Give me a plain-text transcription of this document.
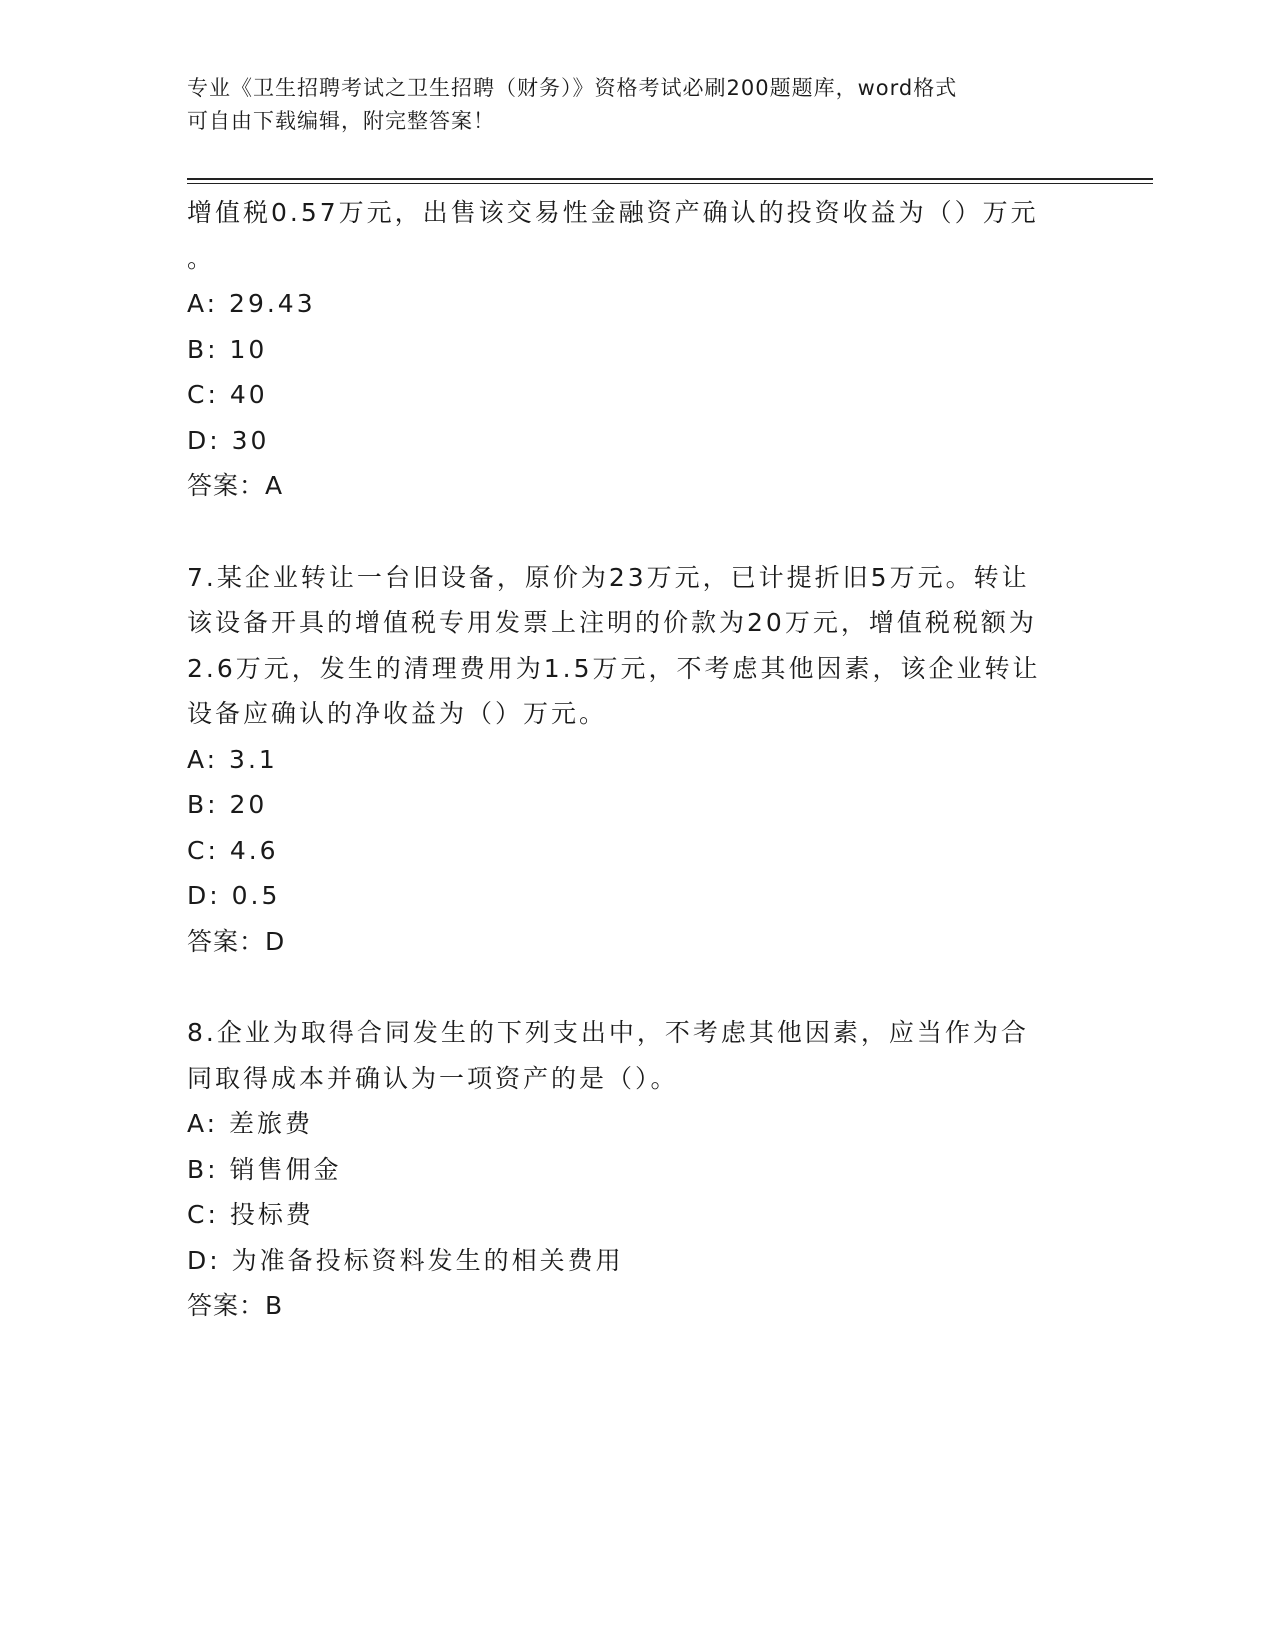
专业《卫生招聘考试之卫生招聘（财务）》资格考试必刷200题题库，word格式
可自由下载编辑，附完整答案！
增值税0.57万元，出售该交易性金融资产确认的投资收益为（）万元
。
A: 29.43
B: 10
C: 40
D: 30
答案：A
7.某企业转让一台旧设备，原价为23万元，已计提折旧5万元。转让
该设备开具的增值税专用发票上注明的价款为20万元，增值税税额为
2.6万元，发生的清理费用为1.5万元，不考虑其他因素，该企业转让
设备应确认的净收益为（）万元。
A: 3.1
B: 20
C: 4.6
D: 0.5
答案：D
8.企业为取得合同发生的下列支出中，不考虑其他因素，应当作为合
同取得成本并确认为一项资产的是（）。
A: 差旅费
B: 销售佣金
C: 投标费
D: 为准备投标资料发生的相关费用
答案：B
